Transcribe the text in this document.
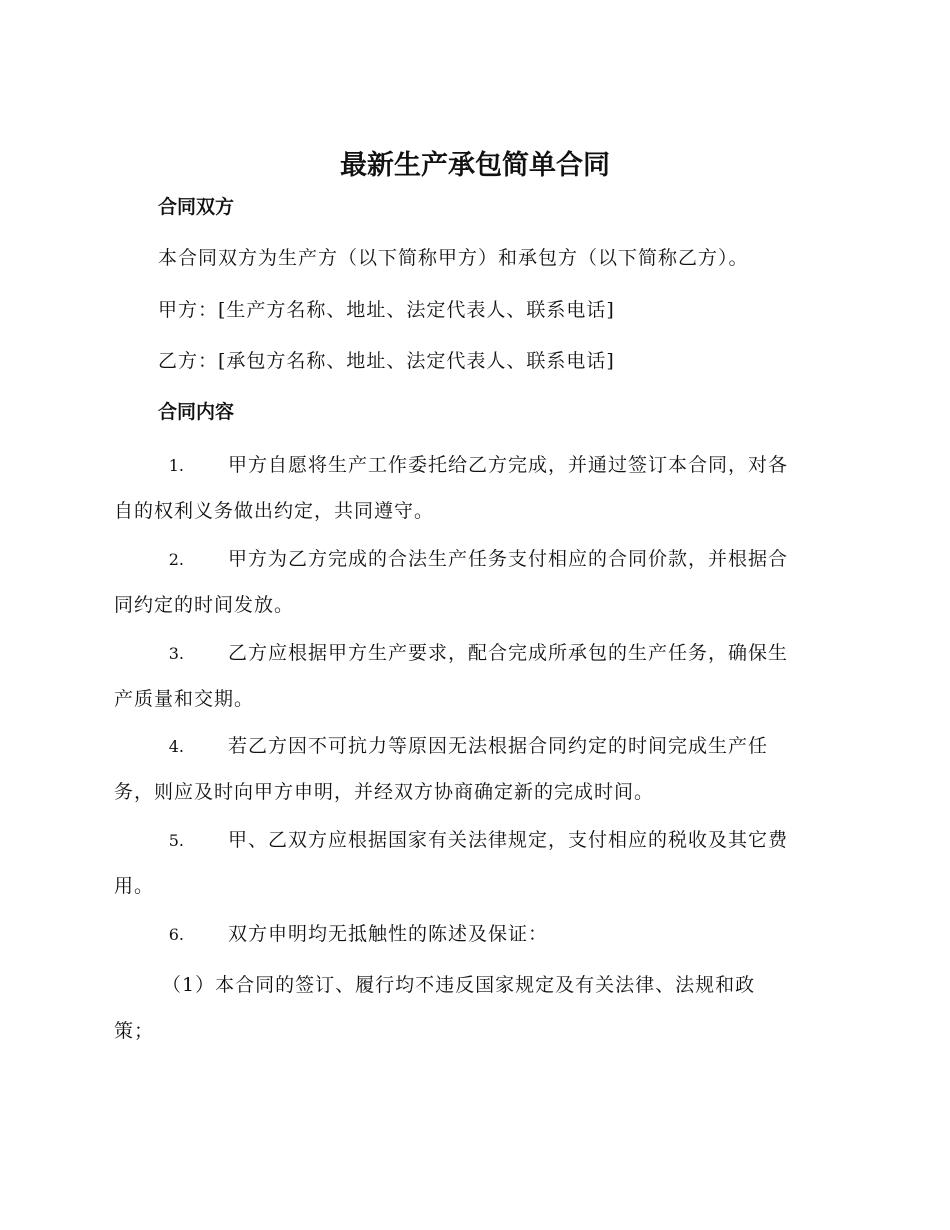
最新生产承包简单合同
合同双方

本合同双方为生产方（以下简称甲方）和承包方（以下简称乙方）。

甲方：[生产方名称、地址、法定代表人、联系电话]

乙方：[承包方名称、地址、法定代表人、联系电话]

合同内容
1. 甲方自愿将生产工作委托给乙方完成，并通过签订本合同，对各
自的权利义务做出约定，共同遵守。
2. 甲方为乙方完成的合法生产任务支付相应的合同价款，并根据合
同约定的时间发放。
3. 乙方应根据甲方生产要求，配合完成所承包的生产任务，确保生
产质量和交期。
4. 若乙方因不可抗力等原因无法根据合同约定的时间完成生产任
务，则应及时向甲方申明，并经双方协商确定新的完成时间。
5. 甲、乙双方应根据国家有关法律规定，支付相应的税收及其它费
用。
6. 双方申明均无抵触性的陈述及保证：
（1）本合同的签订、履行均不违反国家规定及有关法律、法规和政
策；
